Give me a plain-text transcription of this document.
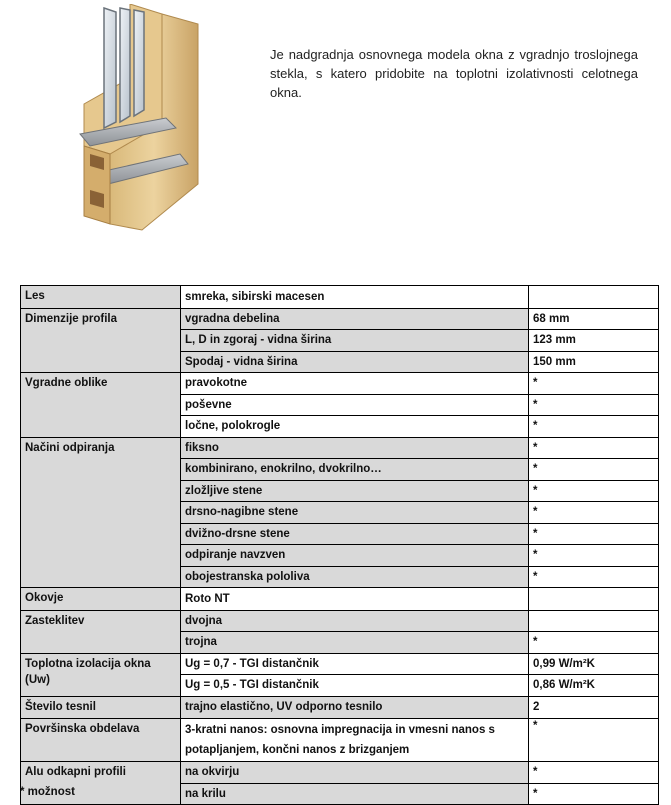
Je nadgradnja osnovnega modela okna z vgradnjo troslojnega stekla, s katero pridobite na toplotni izolativnosti celotnega okna.
Les	smreka, sibirski macesen	
Dimenzije profila	vgradna debelina	68 mm
	L, D in zgoraj - vidna širina	123 mm
	Spodaj - vidna širina	150 mm
Vgradne oblike	pravokotne	*
	poševne	*
	ločne, polokrogle	*
Načini odpiranja	fiksno	*
	kombinirano, enokrilno, dvokrilno…	*
	zložljive stene	*
	drsno-nagibne stene	*
	dvižno-drsne stene	*
	odpiranje navzven	*
	obojestranska pololiva	*
Okovje	Roto NT	
Zasteklitev	dvojna	
	trojna	*
Toplotna izolacija okna (Uw)	Ug = 0,7 - TGI distančnik	0,99 W/m²K
	Ug = 0,5 - TGI distančnik	0,86 W/m²K
Število tesnil	trajno elastično, UV odporno tesnilo	2
Površinska obdelava	3-kratni nanos: osnovna impregnacija in vmesni nanos s potapljanjem, končni nanos z brizganjem	*
Alu odkapni profili	na okvirju	*
	na krilu	*
* možnost
